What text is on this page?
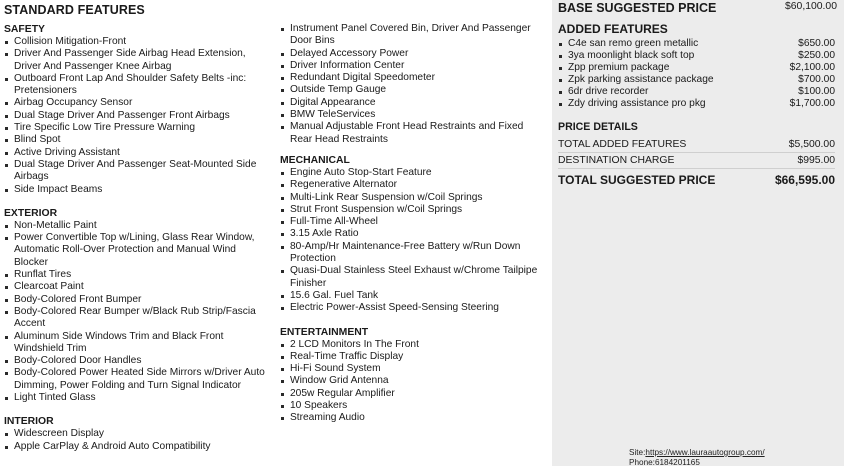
STANDARD FEATURES
SAFETY
Collision Mitigation-Front
Driver And Passenger Side Airbag Head Extension, Driver And Passenger Knee Airbag
Outboard Front Lap And Shoulder Safety Belts -inc: Pretensioners
Airbag Occupancy Sensor
Dual Stage Driver And Passenger Front Airbags
Tire Specific Low Tire Pressure Warning
Blind Spot
Active Driving Assistant
Dual Stage Driver And Passenger Seat-Mounted Side Airbags
Side Impact Beams
EXTERIOR
Non-Metallic Paint
Power Convertible Top w/Lining, Glass Rear Window, Automatic Roll-Over Protection and Manual Wind Blocker
Runflat Tires
Clearcoat Paint
Body-Colored Front Bumper
Body-Colored Rear Bumper w/Black Rub Strip/Fascia Accent
Aluminum Side Windows Trim and Black Front Windshield Trim
Body-Colored Door Handles
Body-Colored Power Heated Side Mirrors w/Driver Auto Dimming, Power Folding and Turn Signal Indicator
Light Tinted Glass
INTERIOR
Widescreen Display
Apple CarPlay & Android Auto Compatibility
Instrument Panel Covered Bin, Driver And Passenger Door Bins
Delayed Accessory Power
Driver Information Center
Redundant Digital Speedometer
Outside Temp Gauge
Digital Appearance
BMW TeleServices
Manual Adjustable Front Head Restraints and Fixed Rear Head Restraints
MECHANICAL
Engine Auto Stop-Start Feature
Regenerative Alternator
Multi-Link Rear Suspension w/Coil Springs
Strut Front Suspension w/Coil Springs
Full-Time All-Wheel
3.15 Axle Ratio
80-Amp/Hr Maintenance-Free Battery w/Run Down Protection
Quasi-Dual Stainless Steel Exhaust w/Chrome Tailpipe Finisher
15.6 Gal. Fuel Tank
Electric Power-Assist Speed-Sensing Steering
ENTERTAINMENT
2 LCD Monitors In The Front
Real-Time Traffic Display
Hi-Fi Sound System
Window Grid Antenna
205w Regular Amplifier
10 Speakers
Streaming Audio
BASE SUGGESTED PRICE	$60,100.00
ADDED FEATURES
C4e san remo green metallic	$650.00
3ya moonlight black soft top	$250.00
Zpp premium package	$2,100.00
Zpk parking assistance package	$700.00
6dr drive recorder	$100.00
Zdy driving assistance pro pkg	$1,700.00
PRICE DETAILS
TOTAL ADDED FEATURES	$5,500.00
DESTINATION CHARGE	$995.00
TOTAL SUGGESTED PRICE	$66,595.00
Site:https://www.lauraautogroup.com/
Phone:6184201165
